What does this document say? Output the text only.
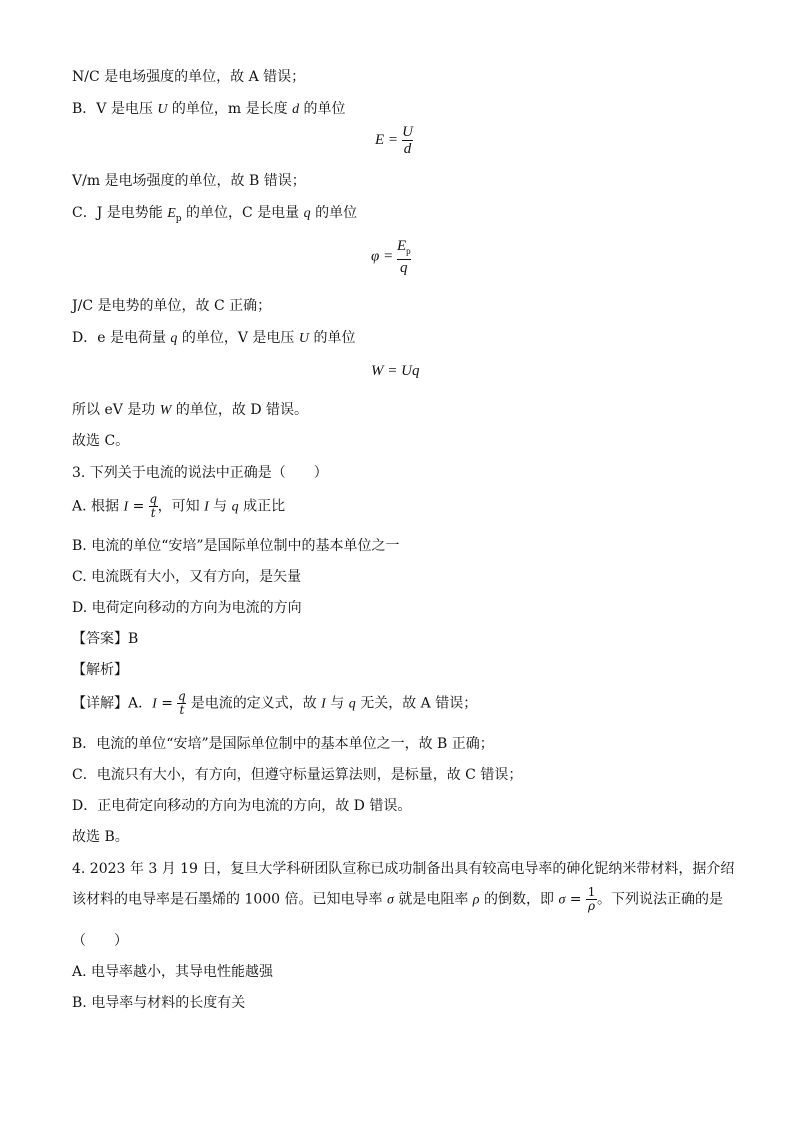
N/C 是电场强度的单位，故 A 错误；
B．V 是电压 U 的单位，m 是长度 d 的单位
$E = \frac{U}{d}$
V/m 是电场强度的单位，故 B 错误；
C．J 是电势能 $E_p$ 的单位，C 是电量 q 的单位
$\varphi = \frac{E_p}{q}$
J/C 是电势的单位，故 C 正确；
D．e 是电荷量 q 的单位，V 是电压 U 的单位
W = Uq
所以 eV 是功 W 的单位，故 D 错误。
故选 C。
3. 下列关于电流的说法中正确是（　　）
A. 根据 $I = \frac{q}{t}$ ，可知 I 与 q 成正比
B. 电流的单位“安培”是国际单位制中的基本单位之一
C. 电流既有大小，又有方向，是矢量
D. 电荷定向移动的方向为电流的方向
【答案】B
【解析】
【详解】A．$I = \frac{q}{t}$ 是电流的定义式，故 I 与 q 无关，故 A 错误；
B．电流的单位“安培”是国际单位制中的基本单位之一，故 B 正确；
C．电流只有大小，有方向，但遵守标量运算法则，是标量，故 C 错误；
D．正电荷定向移动的方向为电流的方向，故 D 错误。
故选 B。
4. 2023 年 3 月 19 日，复旦大学科研团队宣称已成功制备出具有较高电导率的砷化铌纳米带材料，据介绍
该材料的电导率是石墨烯的 1000 倍。已知电导率 σ 就是电阻率 ρ 的倒数，即 $\sigma = \frac{1}{\rho}$ 。下列说法正确的是
（　　）
A. 电导率越小，其导电性能越强
B. 电导率与材料的长度有关
